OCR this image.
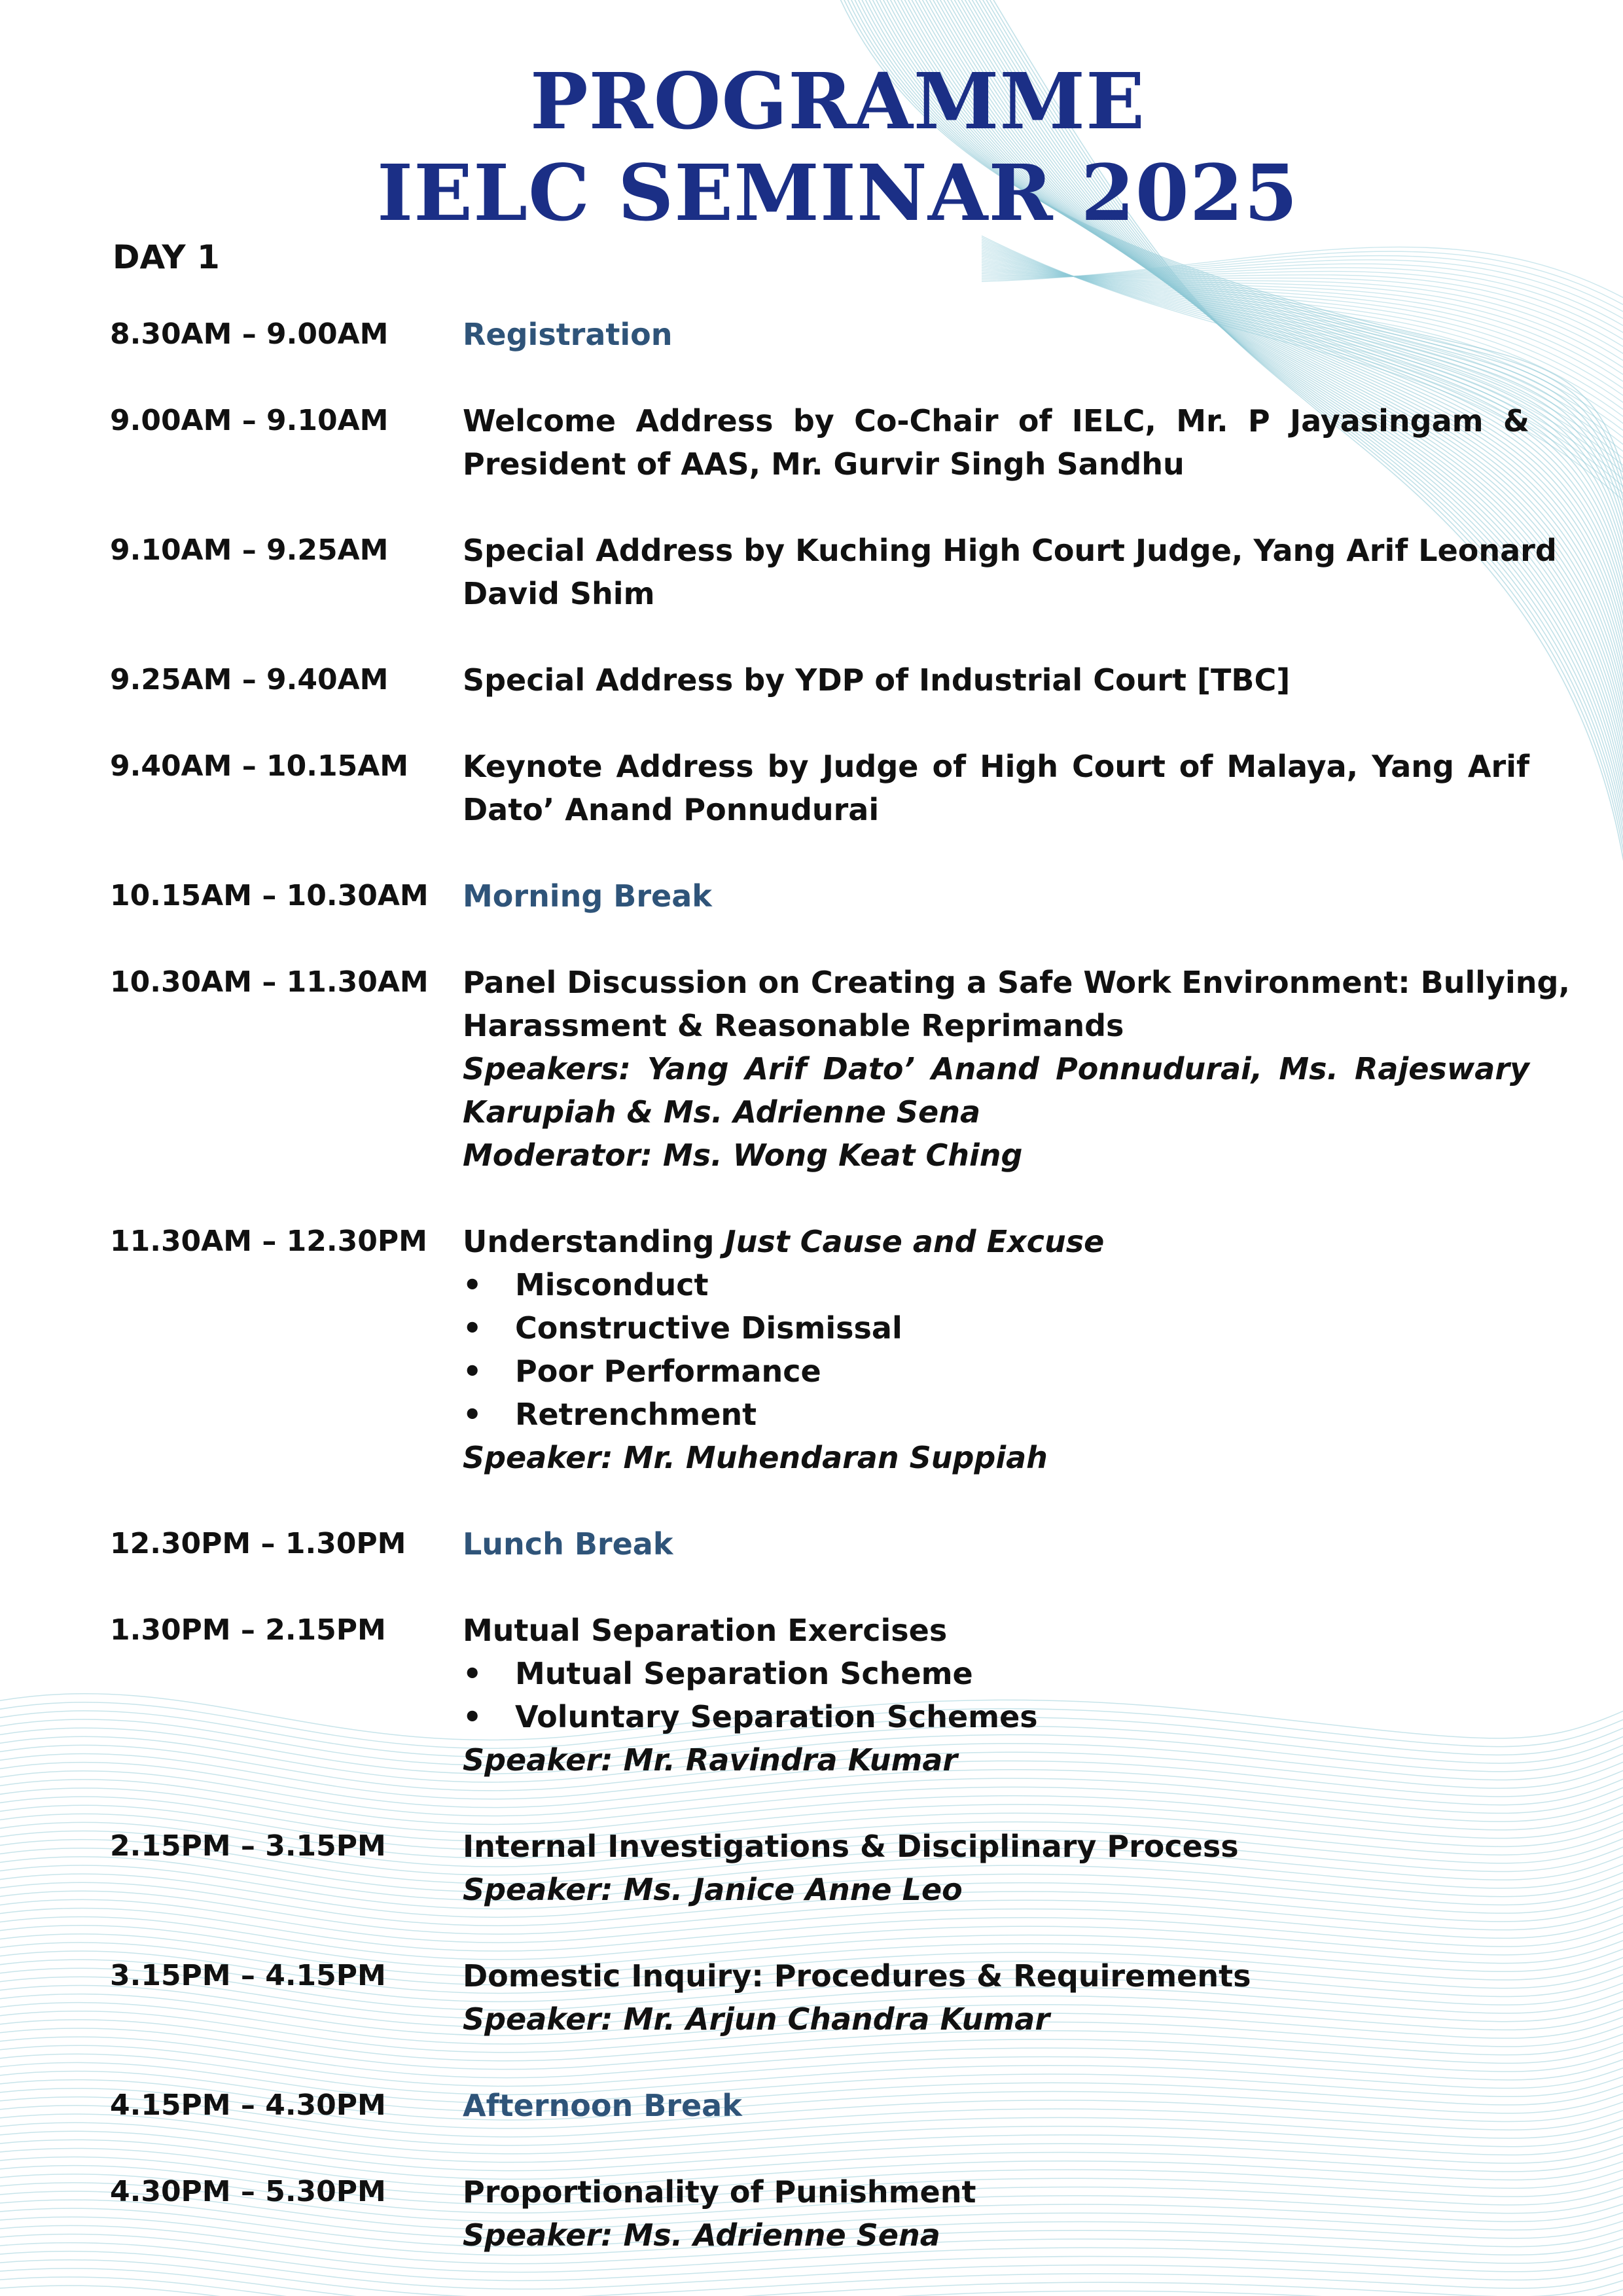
PROGRAMME
IELC SEMINAR 2025
DAY 1
8.30AM – 9.00AM	Registration
9.00AM – 9.10AM	Welcome Address by Co-Chair of IELC, Mr. P Jayasingam &
President of AAS, Mr. Gurvir Singh Sandhu
9.10AM – 9.25AM	Special Address by Kuching High Court Judge, Yang Arif Leonard
David Shim
9.25AM – 9.40AM	Special Address by YDP of Industrial Court [TBC]
9.40AM – 10.15AM	Keynote Address by Judge of High Court of Malaya, Yang Arif
Dato’ Anand Ponnudurai
10.15AM – 10.30AM	Morning Break
10.30AM – 11.30AM	Panel Discussion on Creating a Safe Work Environment: Bullying,
Harassment & Reasonable Reprimands
Speakers: Yang Arif Dato’ Anand Ponnudurai, Ms. Rajeswary
Karupiah & Ms. Adrienne Sena
Moderator: Ms. Wong Keat Ching
11.30AM – 12.30PM	Understanding Just Cause and Excuse
• Misconduct
• Constructive Dismissal
• Poor Performance
• Retrenchment
Speaker: Mr. Muhendaran Suppiah
12.30PM – 1.30PM	Lunch Break
1.30PM – 2.15PM	Mutual Separation Exercises
• Mutual Separation Scheme
• Voluntary Separation Schemes
Speaker: Mr. Ravindra Kumar
2.15PM – 3.15PM	Internal Investigations & Disciplinary Process
Speaker: Ms. Janice Anne Leo
3.15PM – 4.15PM	Domestic Inquiry: Procedures & Requirements
Speaker: Mr. Arjun Chandra Kumar
4.15PM – 4.30PM	Afternoon Break
4.30PM – 5.30PM	Proportionality of Punishment
Speaker: Ms. Adrienne Sena
